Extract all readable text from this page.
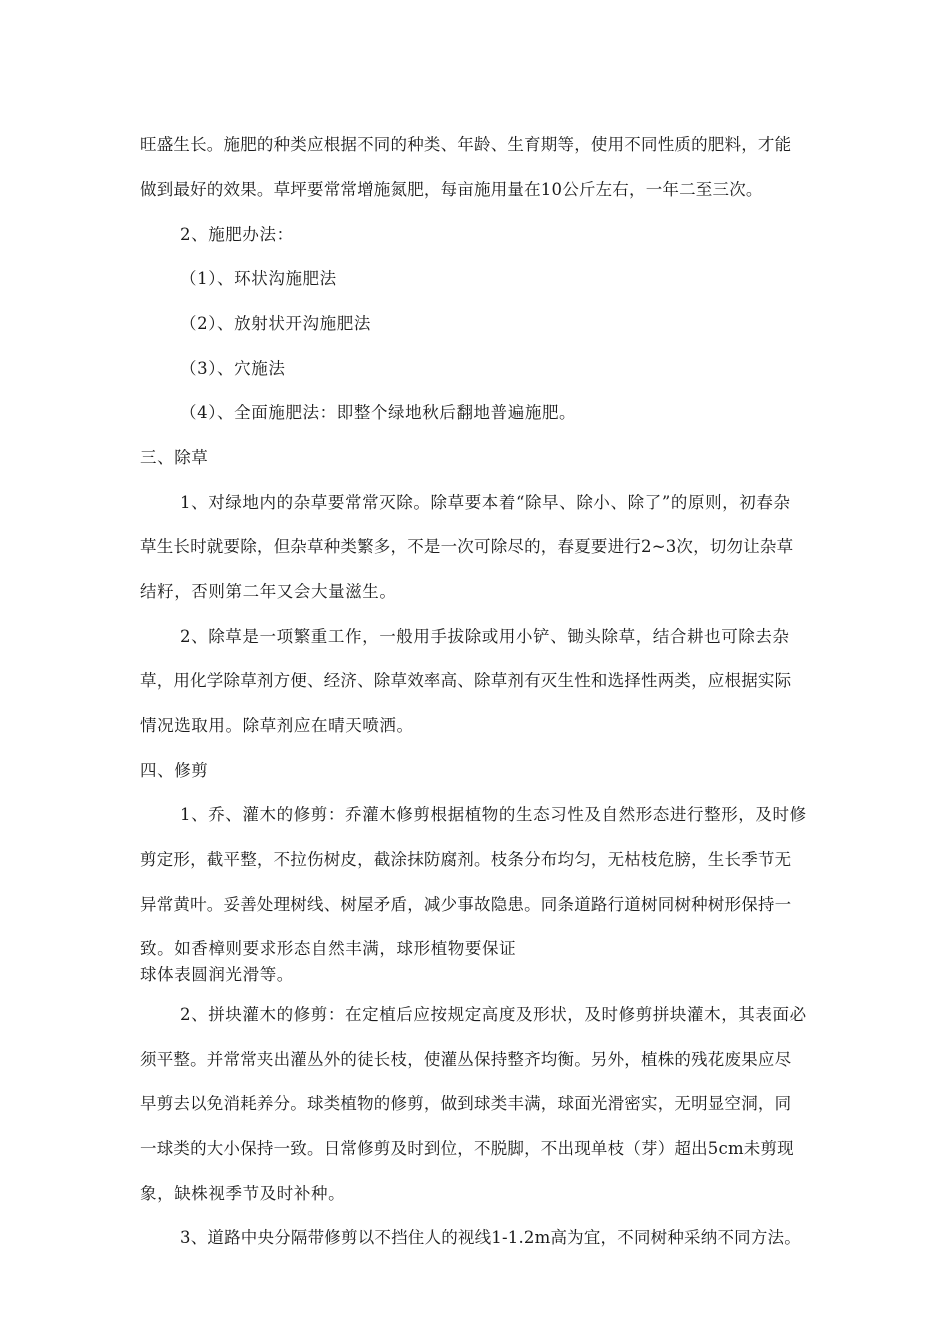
旺盛生长。施肥的种类应根据不同的种类、年龄、生育期等，使用不同性质的肥料，才能
做到最好的效果。草坪要常常增施氮肥，每亩施用量在10公斤左右，一年二至三次。
2、施肥办法：
（1）、环状沟施肥法
（2）、放射状开沟施肥法
（3）、穴施法
（4）、全面施肥法：即整个绿地秋后翻地普遍施肥。
三、除草
1、对绿地内的杂草要常常灭除。除草要本着“除早、除小、除了”的原则，初春杂
草生长时就要除，但杂草种类繁多，不是一次可除尽的，春夏要进行2~3次，切勿让杂草
结籽，否则第二年又会大量滋生。
2、除草是一项繁重工作，一般用手拔除或用小铲、锄头除草，结合耕也可除去杂
草，用化学除草剂方便、经济、除草效率高、除草剂有灭生性和选择性两类，应根据实际
情况选取用。除草剂应在晴天喷洒。
四、修剪
1、乔、灌木的修剪：乔灌木修剪根据植物的生态习性及自然形态进行整形，及时修
剪定形，截平整，不拉伤树皮，截涂抹防腐剂。枝条分布均匀，无枯枝危膀，生长季节无
异常黄叶。妥善处理树线、树屋矛盾，减少事故隐患。同条道路行道树同树种树形保持一
致。如香樟则要求形态自然丰满，球形植物要保证
球体表圆润光滑等。
2、拼块灌木的修剪：在定植后应按规定高度及形状，及时修剪拼块灌木，其表面必
须平整。并常常夹出灌丛外的徒长枝，使灌丛保持整齐均衡。另外，植株的残花废果应尽
早剪去以免消耗养分。球类植物的修剪，做到球类丰满，球面光滑密实，无明显空洞，同
一球类的大小保持一致。日常修剪及时到位，不脱脚，不出现单枝（芽）超出5cm未剪现
象，缺株视季节及时补种。
3、道路中央分隔带修剪以不挡住人的视线1-1.2m高为宜，不同树种采纳不同方法。
